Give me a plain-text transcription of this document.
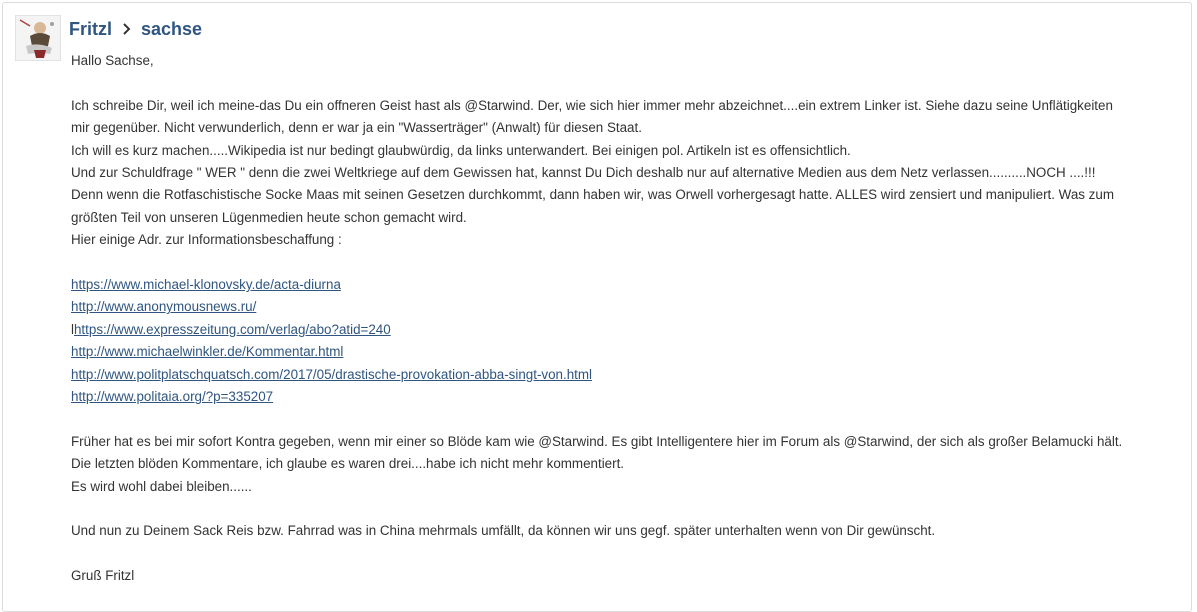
Fritzl sachse
Hallo Sachse,
Ich schreibe Dir, weil ich meine-das Du ein offneren Geist hast als @Starwind. Der, wie sich hier immer mehr abzeichnet....ein extrem Linker ist. Siehe dazu seine Unflätigkeiten
mir gegenüber. Nicht verwunderlich, denn er war ja ein "Wasserträger" (Anwalt) für diesen Staat.
Ich will es kurz machen.....Wikipedia ist nur bedingt glaubwürdig, da links unterwandert. Bei einigen pol. Artikeln ist es offensichtlich.
Und zur Schuldfrage " WER " denn die zwei Weltkriege auf dem Gewissen hat, kannst Du Dich deshalb nur auf alternative Medien aus dem Netz verlassen..........NOCH ....!!!
Denn wenn die Rotfaschistische Socke Maas mit seinen Gesetzen durchkommt, dann haben wir, was Orwell vorhergesagt hatte. ALLES wird zensiert und manipuliert. Was zum
größten Teil von unseren Lügenmedien heute schon gemacht wird.
Hier einige Adr. zur Informationsbeschaffung :
https://www.michael-klonovsky.de/acta-diurna
http://www.anonymousnews.ru/
lhttps://www.expresszeitung.com/verlag/abo?atid=240
http://www.michaelwinkler.de/Kommentar.html
http://www.politplatschquatsch.com/2017/05/drastische-provokation-abba-singt-von.html
http://www.politaia.org/?p=335207
Früher hat es bei mir sofort Kontra gegeben, wenn mir einer so Blöde kam wie @Starwind. Es gibt Intelligentere hier im Forum als @Starwind, der sich als großer Belamucki hält.
Die letzten blöden Kommentare, ich glaube es waren drei....habe ich nicht mehr kommentiert.
Es wird wohl dabei bleiben......
Und nun zu Deinem Sack Reis bzw. Fahrrad was in China mehrmals umfällt, da können wir uns gegf. später unterhalten wenn von Dir gewünscht.
Gruß Fritzl
